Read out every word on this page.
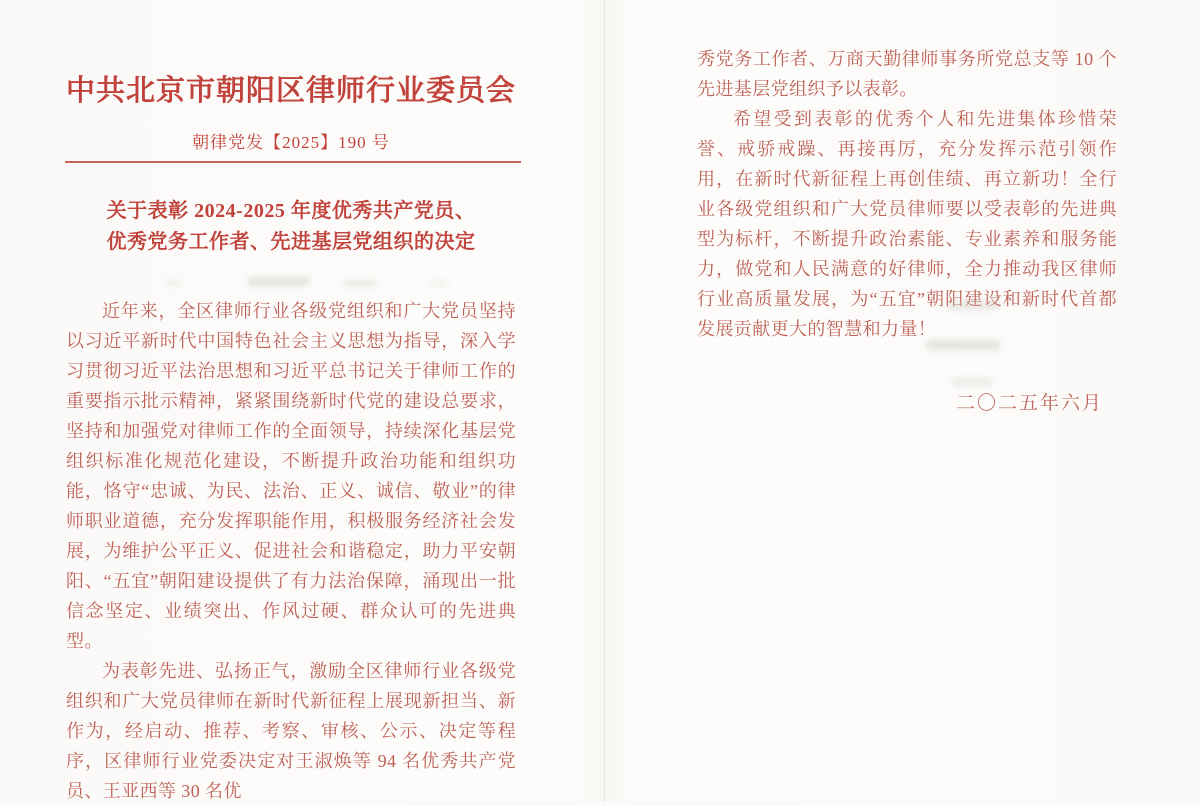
中共北京市朝阳区律师行业委员会
朝律党发【2025】190 号
关于表彰 2024-2025 年度优秀共产党员、
优秀党务工作者、先进基层党组织的决定

近年来，全区律师行业各级党组织和广大党员坚持以习近平新时代中国特色社会主义思想为指导，深入学习贯彻习近平法治思想和习近平总书记关于律师工作的重要指示批示精神，紧紧围绕新时代党的建设总要求，坚持和加强党对律师工作的全面领导，持续深化基层党组织标准化规范化建设，不断提升政治功能和组织功能，恪守“忠诚、为民、法治、正义、诚信、敬业”的律师职业道德，充分发挥职能作用，积极服务经济社会发展，为维护公平正义、促进社会和谐稳定，助力平安朝阳、“五宜”朝阳建设提供了有力法治保障，涌现出一批信念坚定、业绩突出、作风过硬、群众认可的先进典型。

为表彰先进、弘扬正气，激励全区律师行业各级党组织和广大党员律师在新时代新征程上展现新担当、新作为，经启动、推荐、考察、审核、公示、决定等程序，区律师行业党委决定对王淑焕等 94 名优秀共产党员、王亚西等 30 名优

秀党务工作者、万商天勤律师事务所党总支等 10 个先进基层党组织予以表彰。

希望受到表彰的优秀个人和先进集体珍惜荣誉、戒骄戒躁、再接再厉，充分发挥示范引领作用，在新时代新征程上再创佳绩、再立新功！全行业各级党组织和广大党员律师要以受表彰的先进典型为标杆，不断提升政治素能、专业素养和服务能力，做党和人民满意的好律师，全力推动我区律师行业高质量发展，为“五宜”朝阳建设和新时代首都发展贡献更大的智慧和力量！

二〇二五年六月
